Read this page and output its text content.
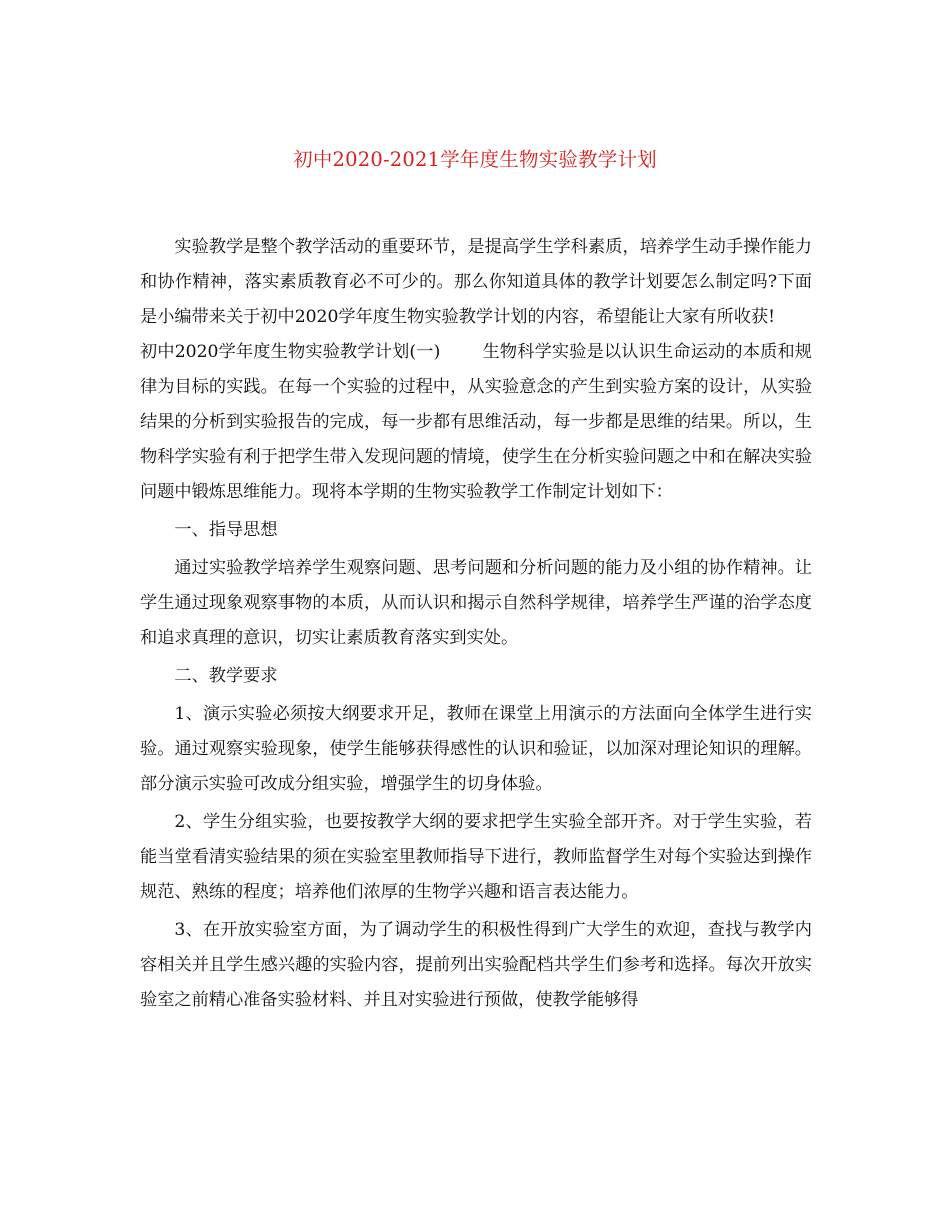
初中2020-2021学年度生物实验教学计划

实验教学是整个教学活动的重要环节，是提高学生学科素质，培养学生动手操作能力和协作精神，落实素质教育必不可少的。那么你知道具体的教学计划要怎么制定吗?下面是小编带来关于初中2020学年度生物实验教学计划的内容，希望能让大家有所收获!

初中2020学年度生物实验教学计划(一) 生物科学实验是以认识生命运动的本质和规律为目标的实践。在每一个实验的过程中，从实验意念的产生到实验方案的设计，从实验结果的分析到实验报告的完成，每一步都有思维活动，每一步都是思维的结果。所以，生物科学实验有利于把学生带入发现问题的情境，使学生在分析实验问题之中和在解决实验问题中锻炼思维能力。现将本学期的生物实验教学工作制定计划如下：

一、指导思想

通过实验教学培养学生观察问题、思考问题和分析问题的能力及小组的协作精神。让学生通过现象观察事物的本质，从而认识和揭示自然科学规律，培养学生严谨的治学态度和追求真理的意识，切实让素质教育落实到实处。

二、教学要求

1、演示实验必须按大纲要求开足，教师在课堂上用演示的方法面向全体学生进行实验。通过观察实验现象，使学生能够获得感性的认识和验证，以加深对理论知识的理解。部分演示实验可改成分组实验，增强学生的切身体验。

2、学生分组实验，也要按教学大纲的要求把学生实验全部开齐。对于学生实验，若能当堂看清实验结果的须在实验室里教师指导下进行，教师监督学生对每个实验达到操作规范、熟练的程度；培养他们浓厚的生物学兴趣和语言表达能力。

3、在开放实验室方面，为了调动学生的积极性得到广大学生的欢迎，查找与教学内容相关并且学生感兴趣的实验内容，提前列出实验配档共学生们参考和选择。每次开放实验室之前精心准备实验材料、并且对实验进行预做，使教学能够得
